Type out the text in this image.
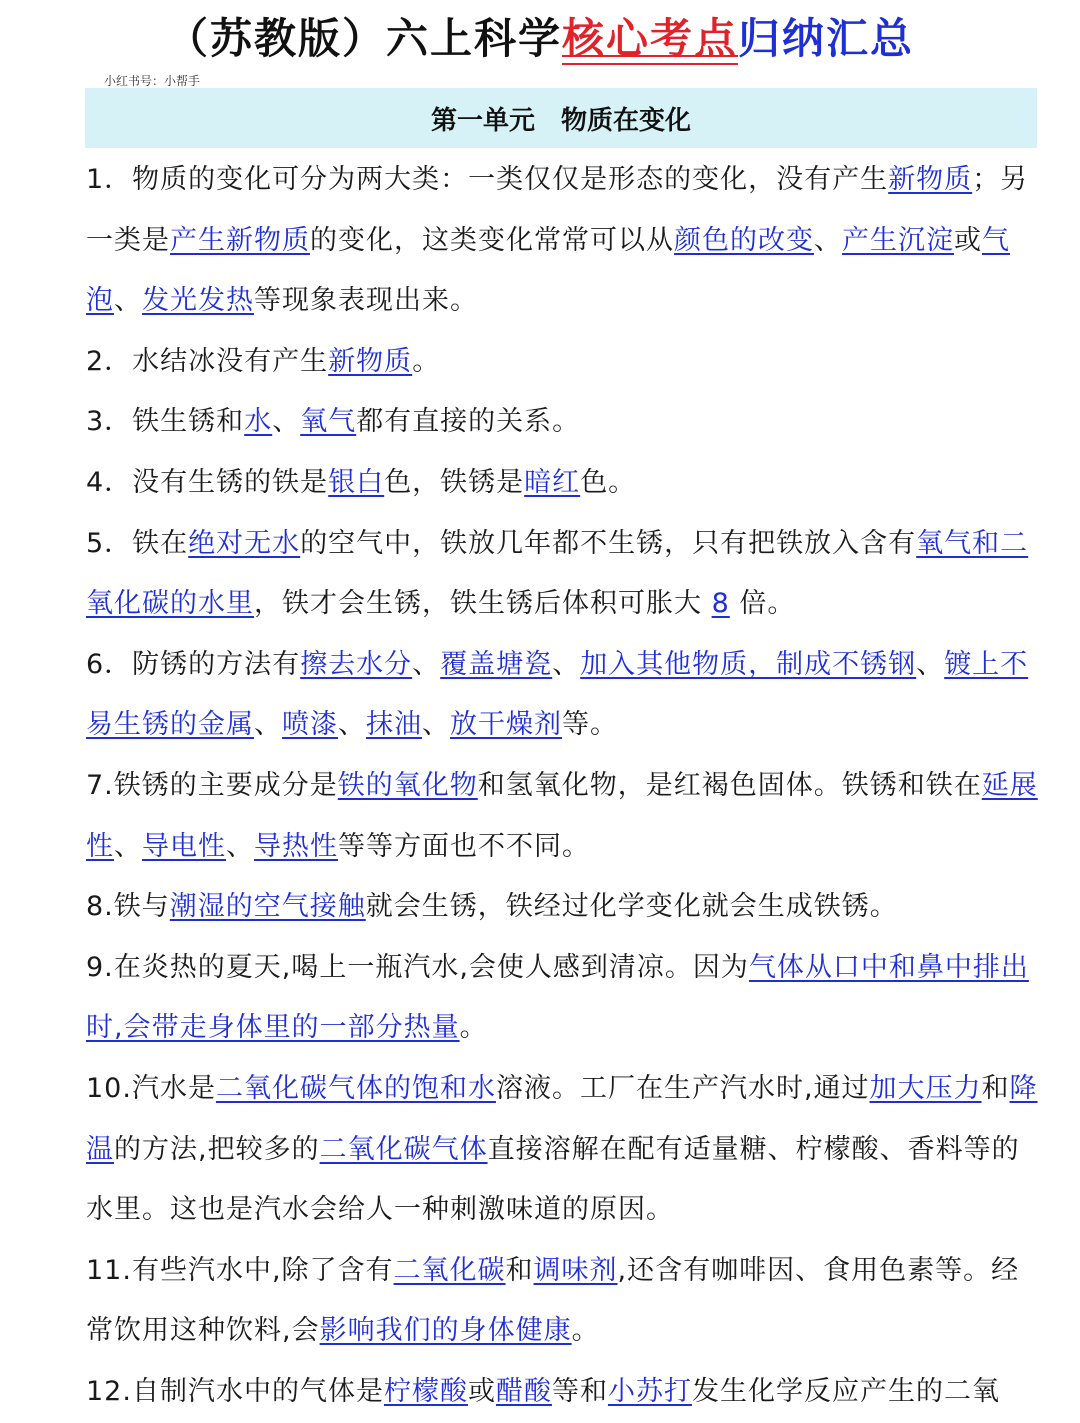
（苏教版）六上科学核心考点归纳汇总
小红书号：小帮手
第一单元　物质在变化

1．物质的变化可分为两大类：一类仅仅是形态的变化，没有产生新物质；另一类是产生新物质的变化，这类变化常常可以从颜色的改变、产生沉淀或气泡、发光发热等现象表现出来。

2．水结冰没有产生新物质。

3．铁生锈和水、氧气都有直接的关系。

4．没有生锈的铁是银白色，铁锈是暗红色。

5．铁在绝对无水的空气中，铁放几年都不生锈，只有把铁放入含有氧气和二氧化碳的水里，铁才会生锈，铁生锈后体积可胀大 8 倍。

6．防锈的方法有擦去水分、覆盖塘瓷、加入其他物质，制成不锈钢、镀上不易生锈的金属、喷漆、抹油、放干燥剂等。

7.铁锈的主要成分是铁的氧化物和氢氧化物，是红褐色固体。铁锈和铁在延展性、导电性、导热性等等方面也不不同。

8.铁与潮湿的空气接触就会生锈，铁经过化学变化就会生成铁锈。

9.在炎热的夏天,喝上一瓶汽水,会使人感到清凉。因为气体从口中和鼻中排出时,会带走身体里的一部分热量。

10.汽水是二氧化碳气体的饱和水溶液。工厂在生产汽水时,通过加大压力和降温的方法,把较多的二氧化碳气体直接溶解在配有适量糖、柠檬酸、香料等的水里。这也是汽水会给人一种刺激味道的原因。

11.有些汽水中,除了含有二氧化碳和调味剂,还含有咖啡因、食用色素等。经常饮用这种饮料,会影响我们的身体健康。

12.自制汽水中的气体是柠檬酸或醋酸等和小苏打发生化学反应产生的二氧
